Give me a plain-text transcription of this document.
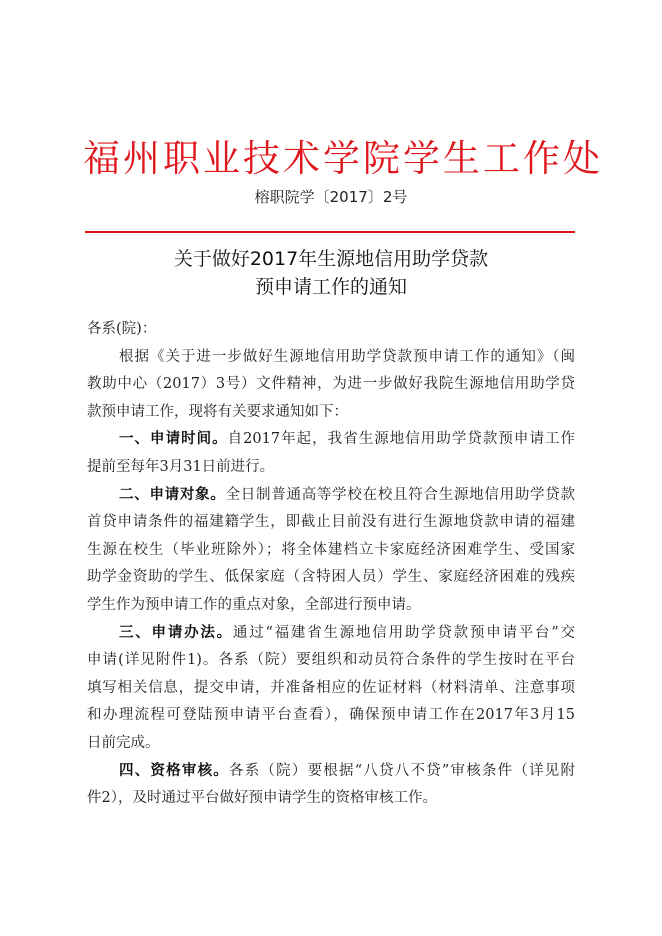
福州职业技术学院学生工作处
榕职院学〔2017〕2号
关于做好2017年生源地信用助学贷款
预申请工作的通知
各系(院)：
根据《关于进一步做好生源地信用助学贷款预申请工作的通知》（闽
教助中心（2017）3号）文件精神，为进一步做好我院生源地信用助学贷
款预申请工作，现将有关要求通知如下：
一、申请时间。自2017年起，我省生源地信用助学贷款预申请工作
提前至每年3月31日前进行。
二、申请对象。全日制普通高等学校在校且符合生源地信用助学贷款
首贷申请条件的福建籍学生，即截止目前没有进行生源地贷款申请的福建
生源在校生（毕业班除外）；将全体建档立卡家庭经济困难学生、受国家
助学金资助的学生、低保家庭（含特困人员）学生、家庭经济困难的残疾
学生作为预申请工作的重点对象，全部进行预申请。
三、申请办法。通过“福建省生源地信用助学贷款预申请平台”交
申请(详见附件1)。各系（院）要组织和动员符合条件的学生按时在平台
填写相关信息，提交申请，并准备相应的佐证材料（材料清单、注意事项
和办理流程可登陆预申请平台查看），确保预申请工作在2017年3月15
日前完成。
四、资格审核。各系（院）要根据“八贷八不贷”审核条件（详见附
件2），及时通过平台做好预申请学生的资格审核工作。
